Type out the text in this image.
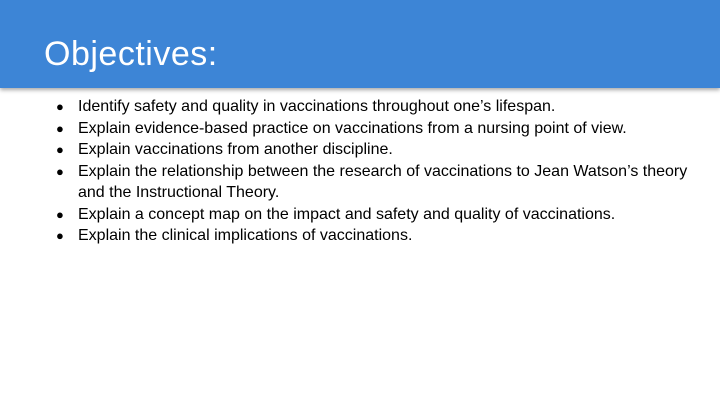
Objectives:
● Identify safety and quality in vaccinations throughout one’s lifespan.
● Explain evidence-based practice on vaccinations from a nursing point of view.
● Explain vaccinations from another discipline.
● Explain the relationship between the research of vaccinations to Jean Watson’s theory and the Instructional Theory.
● Explain a concept map on the impact and safety and quality of vaccinations.
● Explain the clinical implications of vaccinations.
